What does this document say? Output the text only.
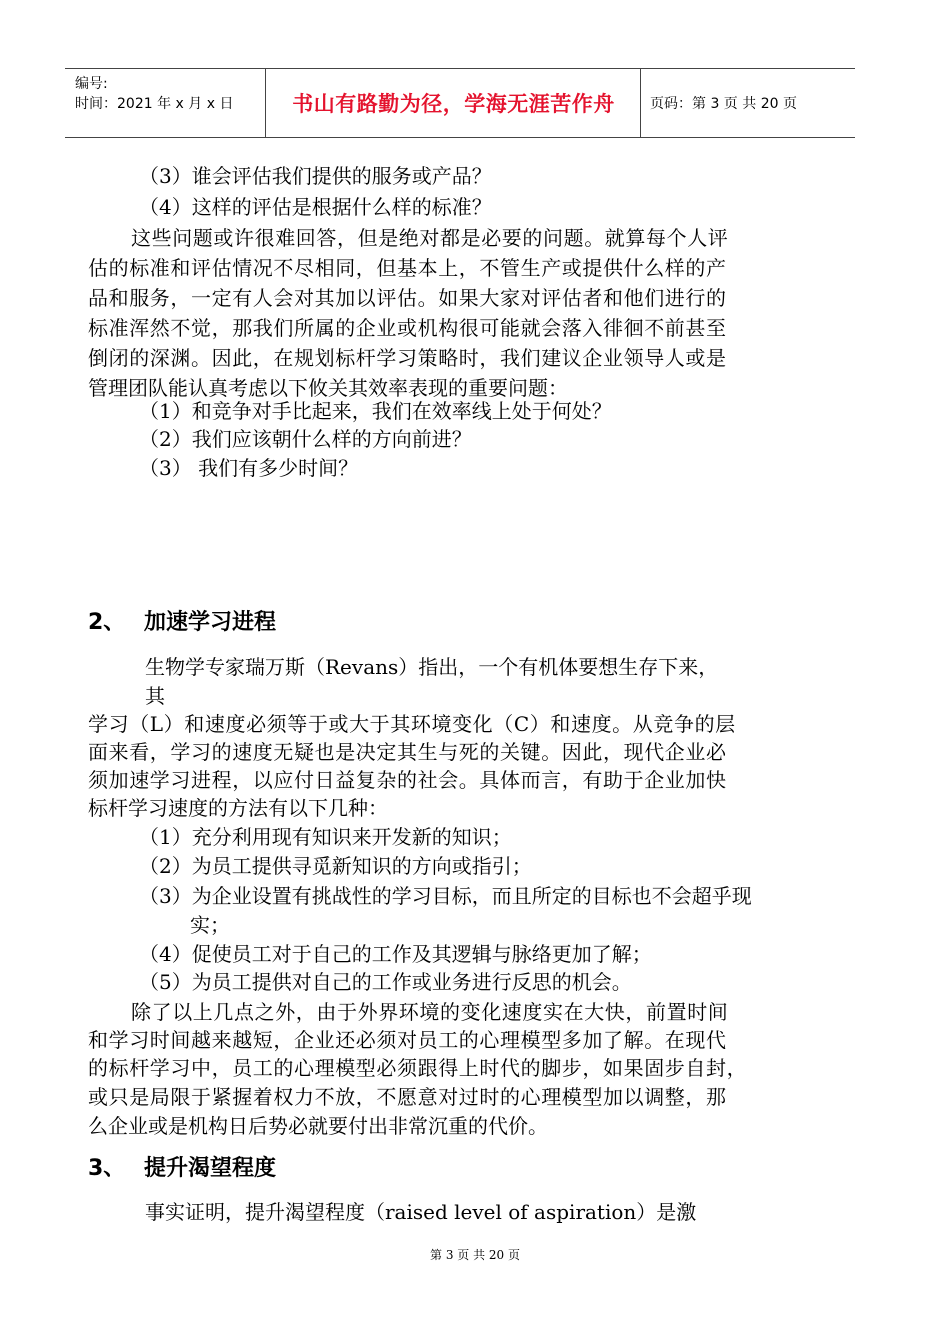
编号:
时间：2021 年 x 月 x 日	书山有路勤为径，学海无涯苦作舟	页码：第 3 页 共 20 页
（3）谁会评估我们提供的服务或产品？
（4）这样的评估是根据什么样的标准？
这些问题或许很难回答，但是绝对都是必要的问题。就算每个人评
估的标准和评估情况不尽相同，但基本上，不管生产或提供什么样的产
品和服务，一定有人会对其加以评估。如果大家对评估者和他们进行的
标准浑然不觉，那我们所属的企业或机构很可能就会落入徘徊不前甚至
倒闭的深渊。因此，在规划标杆学习策略时，我们建议企业领导人或是
管理团队能认真考虑以下攸关其效率表现的重要问题：
（1）和竞争对手比起来，我们在效率线上处于何处？
（2）我们应该朝什么样的方向前进？
（3） 我们有多少时间？
2、 加速学习进程
生物学专家瑞万斯（Revans）指出，一个有机体要想生存下来，
其
学习（L）和速度必须等于或大于其环境变化（C）和速度。从竞争的层
面来看，学习的速度无疑也是决定其生与死的关键。因此，现代企业必
须加速学习进程，以应付日益复杂的社会。具体而言，有助于企业加快
标杆学习速度的方法有以下几种：
（1）充分利用现有知识来开发新的知识；
（2）为员工提供寻觅新知识的方向或指引；
（3）为企业设置有挑战性的学习目标，而且所定的目标也不会超乎现
实；
（4）促使员工对于自己的工作及其逻辑与脉络更加了解；
（5）为员工提供对自己的工作或业务进行反思的机会。
除了以上几点之外，由于外界环境的变化速度实在大快，前置时间
和学习时间越来越短，企业还必须对员工的心理模型多加了解。在现代
的标杆学习中，员工的心理模型必须跟得上时代的脚步，如果固步自封，
或只是局限于紧握着权力不放，不愿意对过时的心理模型加以调整，那
么企业或是机构日后势必就要付出非常沉重的代价。
3、 提升渴望程度
事实证明，提升渴望程度（raised level of aspiration）是激
第 3 页 共 20 页
